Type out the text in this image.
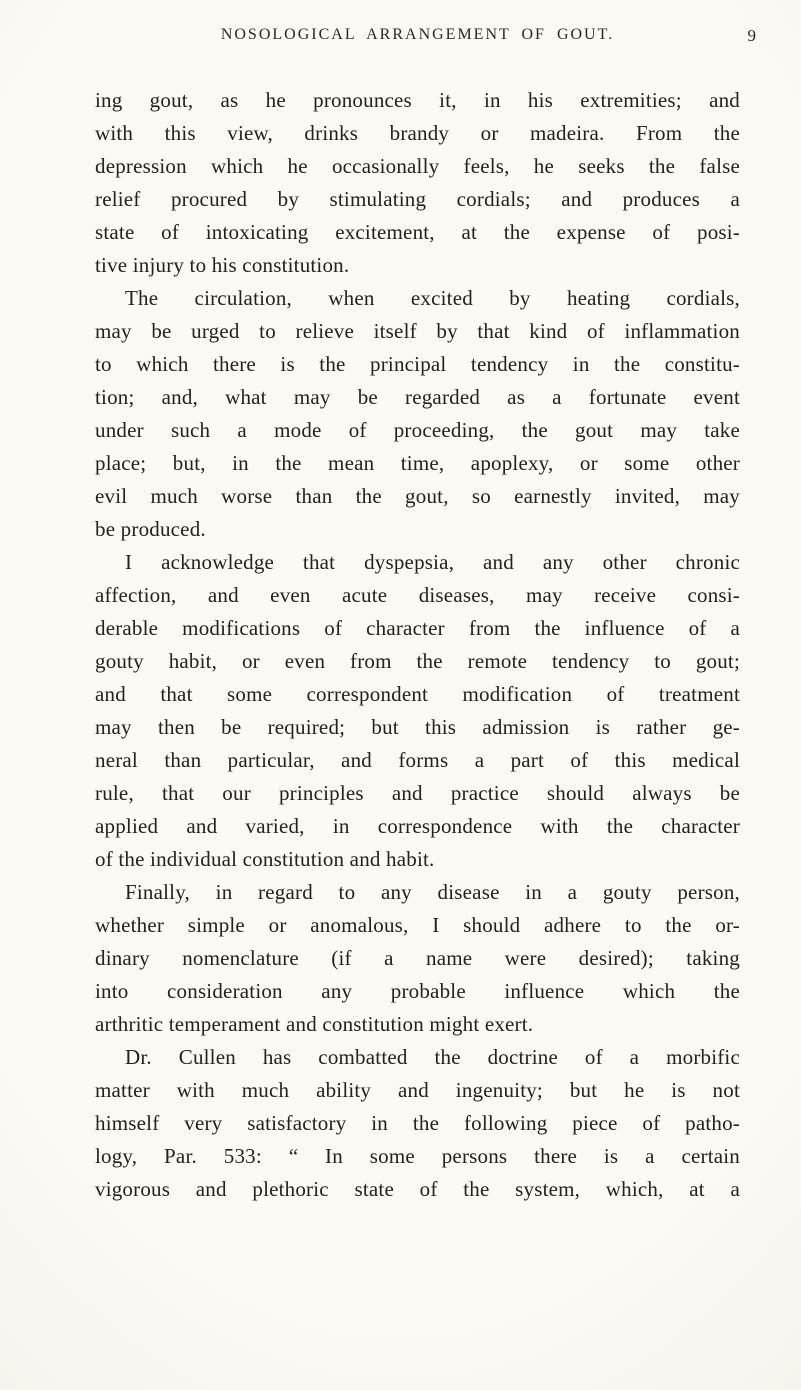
NOSOLOGICAL ARRANGEMENT OF GOUT.	9
ing gout, as he pronounces it, in his extremities; and
with this view, drinks brandy or madeira. From the
depression which he occasionally feels, he seeks the false
relief procured by stimulating cordials; and produces a
state of intoxicating excitement, at the expense of posi-
tive injury to his constitution.
The circulation, when excited by heating cordials,
may be urged to relieve itself by that kind of inflammation
to which there is the principal tendency in the constitu-
tion; and, what may be regarded as a fortunate event
under such a mode of proceeding, the gout may take
place; but, in the mean time, apoplexy, or some other
evil much worse than the gout, so earnestly invited, may
be produced.
I acknowledge that dyspepsia, and any other chronic
affection, and even acute diseases, may receive consi-
derable modifications of character from the influence of a
gouty habit, or even from the remote tendency to gout;
and that some correspondent modification of treatment
may then be required; but this admission is rather ge-
neral than particular, and forms a part of this medical
rule, that our principles and practice should always be
applied and varied, in correspondence with the character
of the individual constitution and habit.
Finally, in regard to any disease in a gouty person,
whether simple or anomalous, I should adhere to the or-
dinary nomenclature (if a name were desired); taking
into consideration any probable influence which the
arthritic temperament and constitution might exert.
Dr. Cullen has combatted the doctrine of a morbific
matter with much ability and ingenuity; but he is not
himself very satisfactory in the following piece of patho-
logy, Par. 533: “ In some persons there is a certain
vigorous and plethoric state of the system, which, at a
